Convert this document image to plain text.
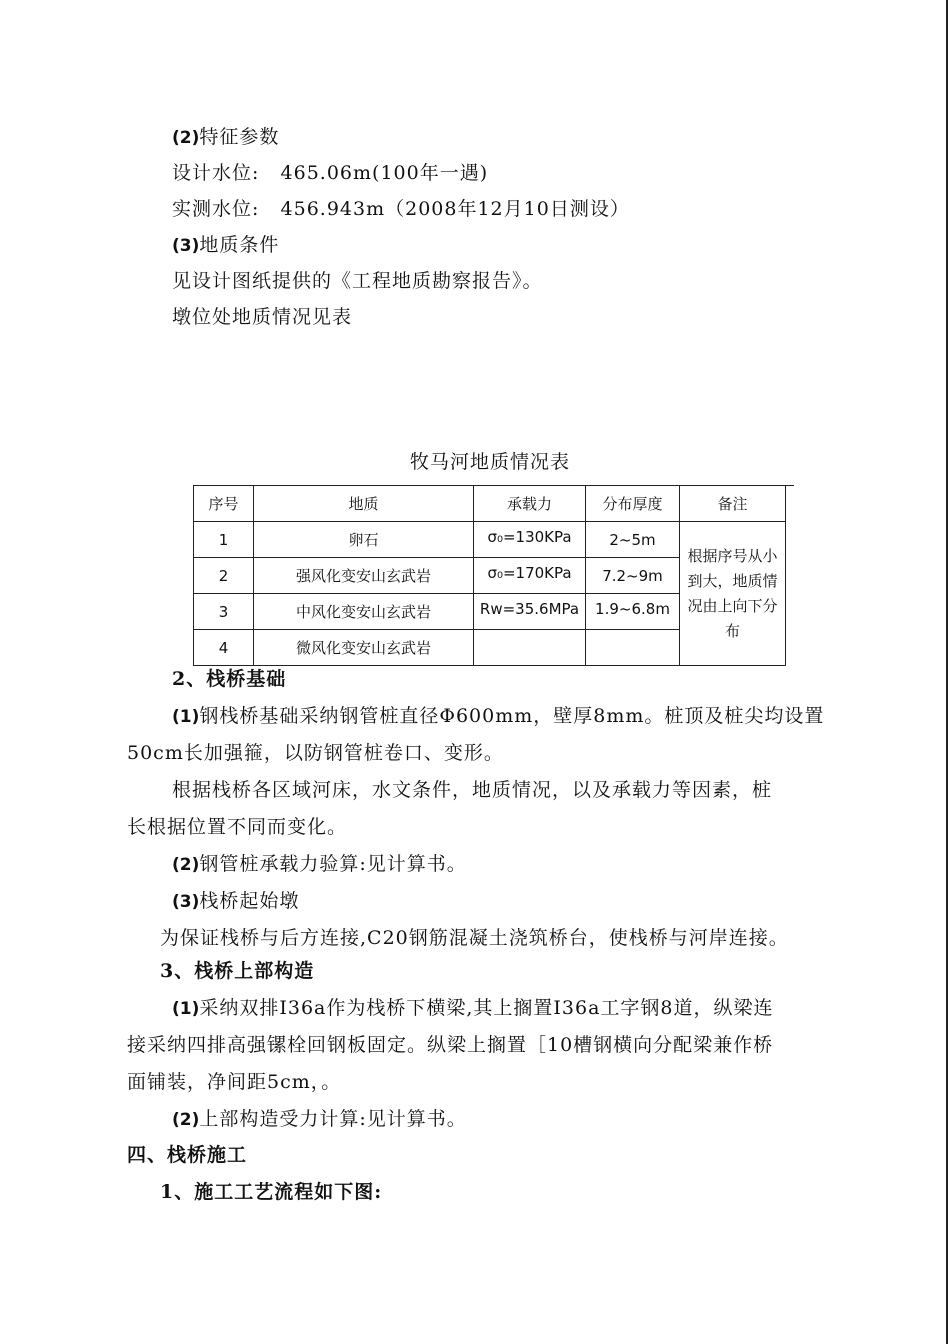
(2)特征参数
设计水位: 465.06m(100年一遇)
实测水位: 456.943m（2008年12月10日测设）
(3)地质条件
见设计图纸提供的《工程地质勘察报告》。
墩位处地质情况见表
牧马河地质情况表
序号	地质	承载力	分布厚度	备注
1	卵石	σ₀=130KPa	2~5m	根据序号从小到大，地质情况由上向下分布

2	强风化变安山玄武岩	σ₀=170KPa	7.2~9m	
3	中风化变安山玄武岩	Rw=35.6MPa	1.9~6.8m	

4	微风化变安山玄武岩			
2、栈桥基础
(1)钢栈桥基础采纳钢管桩直径Φ600mm，壁厚8mm。桩顶及桩尖均设置
50cm长加强箍，以防钢管桩卷口、变形。
根据栈桥各区域河床，水文条件，地质情况，以及承载力等因素，桩
长根据位置不同而变化。
(2)钢管桩承载力验算:见计算书。
(3)栈桥起始墩
为保证栈桥与后方连接,C20钢筋混凝土浇筑桥台，使栈桥与河岸连接。
3、栈桥上部构造
(1)采纳双排I36a作为栈桥下横梁,其上搁置I36a工字钢8道，纵梁连
接采纳四排高强镙栓回钢板固定。纵梁上搁置［10槽钢横向分配梁兼作桥
面铺装，净间距5cm，。
(2)上部构造受力计算:见计算书。
四、栈桥施工
1、施工工艺流程如下图:
